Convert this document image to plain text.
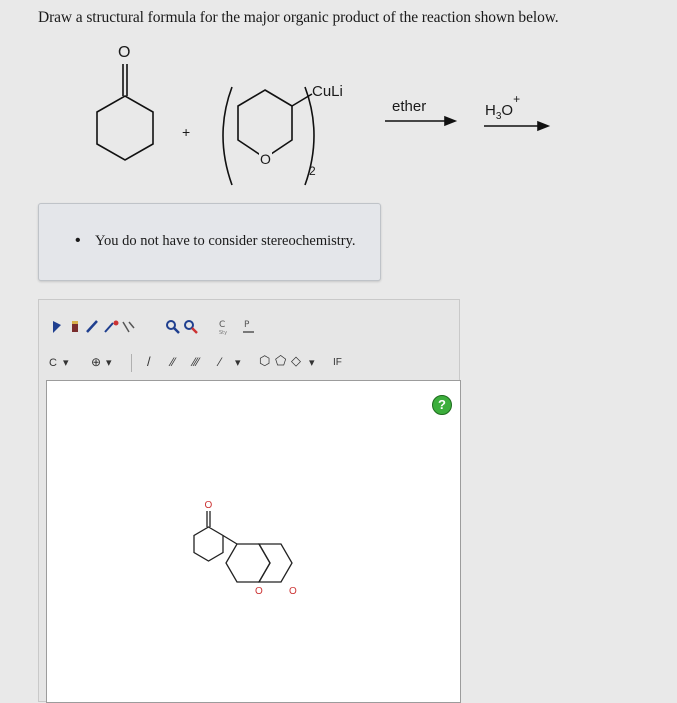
Draw a structural formula for the major organic product of the reaction shown below.
O
+
O
2
CuLi
ether	$H_3O^+$
• You do not have to consider stereochemistry.
C
Sty
P
C ▾ ⊕ ▾	/ ⁄⁄ ⁄⁄⁄ ⁄ ▾ ⬡ ⬠ ◇ ▾ IF
?
O
O	O
